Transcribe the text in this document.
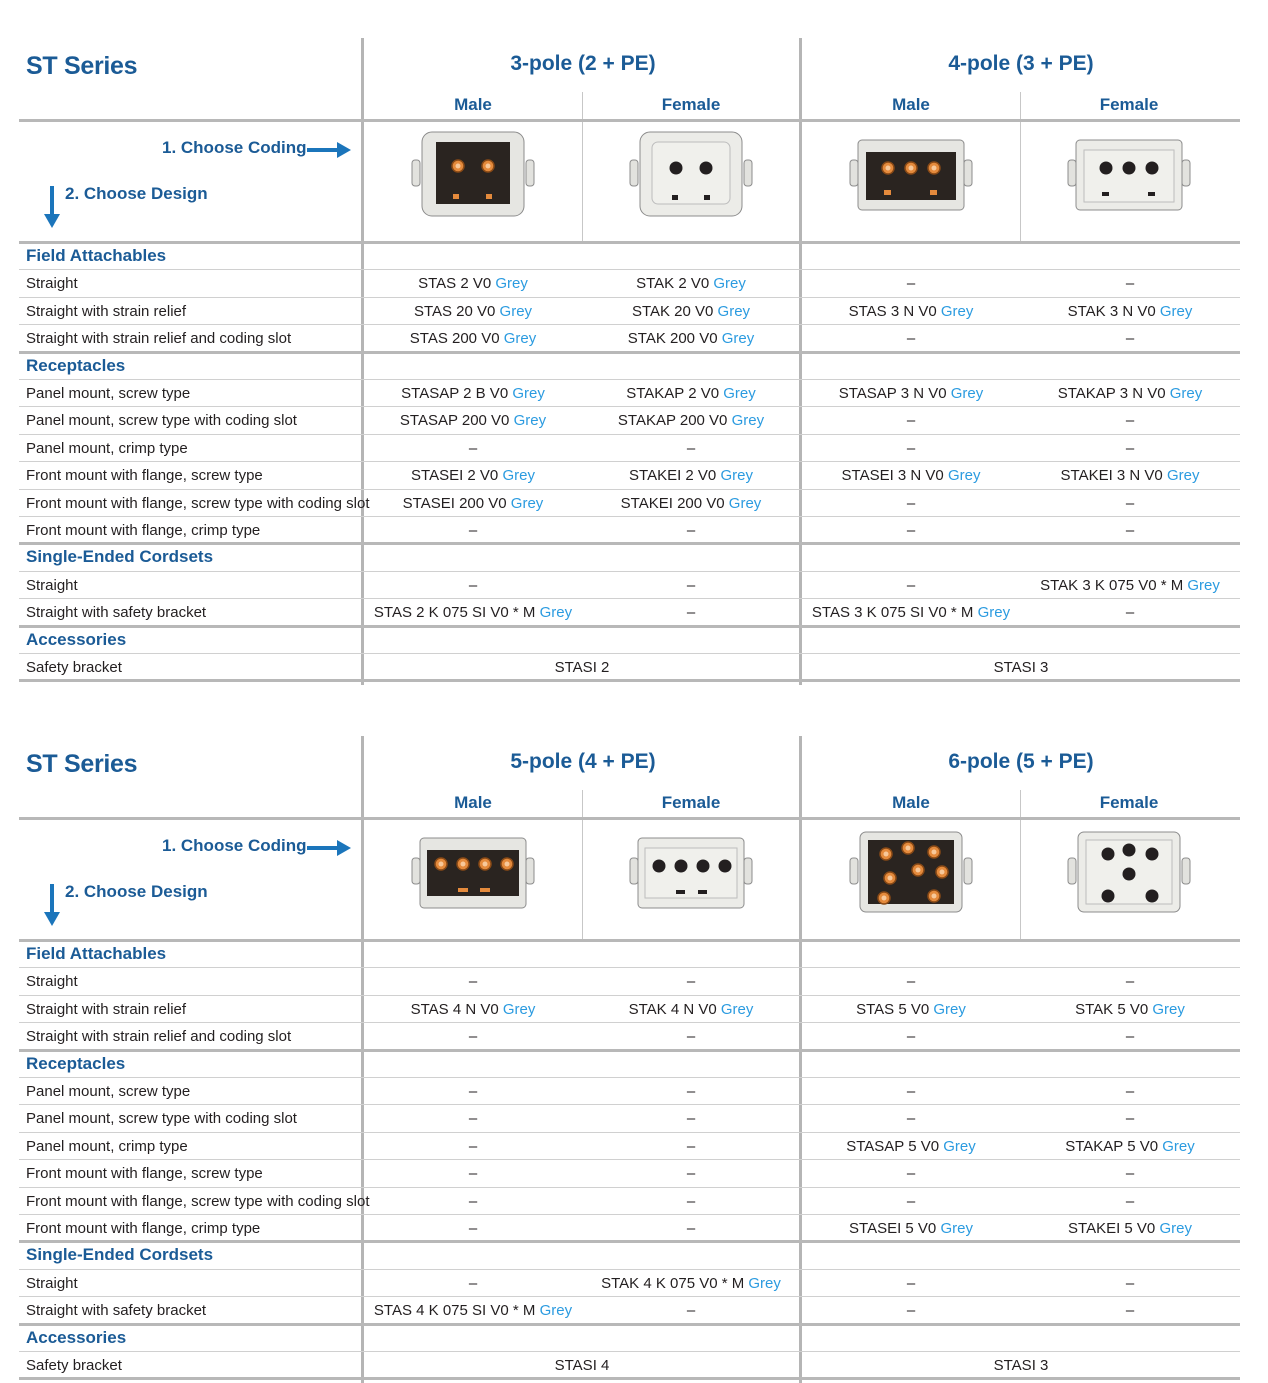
ST Series	3-pole (2 + PE)
Male	Female
4-pole (3 + PE)
Male	Female
1. Choose Coding
2. Choose Design
Field Attachables
Straight	STAS 2 V0 Grey	STAK 2 V0 Grey	–	–
Straight with strain relief	STAS 20 V0 Grey	STAK 20 V0 Grey	STAS 3 N V0 Grey	STAK 3 N V0 Grey
Straight with strain relief and coding slot	STAS 200 V0 Grey	STAK 200 V0 Grey	–	–
Receptacles
Panel mount, screw type	STASAP 2 B V0 Grey	STAKAP 2 V0 Grey	STASAP 3 N V0 Grey	STAKAP 3 N V0 Grey
Panel mount, screw type with coding slot	STASAP 200 V0 Grey	STAKAP 200 V0 Grey	–	–
Panel mount, crimp type	–	–	–	–
Front mount with flange, screw type	STASEI 2 V0 Grey	STAKEI 2 V0 Grey	STASEI 3 N V0 Grey	STAKEI 3 N V0 Grey
Front mount with flange, screw type with coding slot	STASEI 200 V0 Grey	STAKEI 200 V0 Grey	–	–
Front mount with flange, crimp type	–	–	–	–
Single-Ended Cordsets
Straight	–	–	–	STAK 3 K 075 V0 * M Grey
Straight with safety bracket	STAS 2 K 075 SI V0 * M Grey	–	STAS 3 K 075 SI V0 * M Grey	–
Accessories
Safety bracket	STASI 2	STASI 3
ST Series	5-pole (4 + PE)
Male	Female
6-pole (5 + PE)
Male	Female
1. Choose Coding
2. Choose Design
Field Attachables
Straight	–	–	–	–
Straight with strain relief	STAS 4 N V0 Grey	STAK 4 N V0 Grey	STAS 5 V0 Grey	STAK 5 V0 Grey
Straight with strain relief and coding slot	–	–	–	–
Receptacles
Panel mount, screw type	–	–	–	–
Panel mount, screw type with coding slot	–	–	–	–
Panel mount, crimp type	–	–	STASAP 5 V0 Grey	STAKAP 5 V0 Grey
Front mount with flange, screw type	–	–	–	–
Front mount with flange, screw type with coding slot	–	–	–	–
Front mount with flange, crimp type	–	–	STASEI 5 V0 Grey	STAKEI 5 V0 Grey
Single-Ended Cordsets
Straight	–	STAK 4 K 075 V0 * M Grey	–	–
Straight with safety bracket	STAS 4 K 075 SI V0 * M Grey	–	–	–
Accessories
Safety bracket	STASI 4	STASI 3
